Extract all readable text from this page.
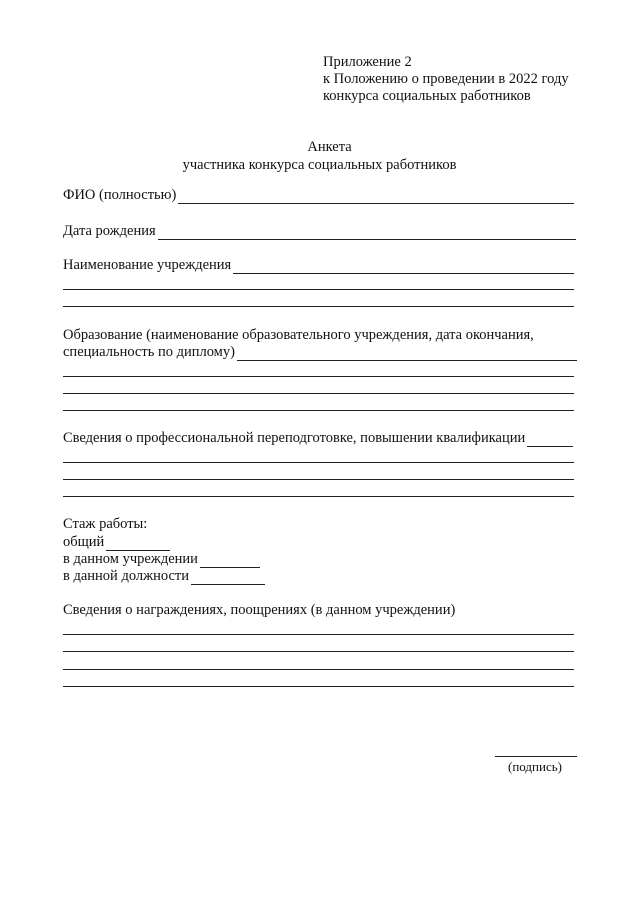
Приложение 2
к Положению о проведении в 2022 году
конкурса социальных работников
Анкета
участника конкурса социальных работников
ФИО (полностью)
Дата рождения
Наименование учреждения
Образование (наименование образовательного учреждения, дата окончания,
специальность по диплому)
Сведения о профессиональной переподготовке, повышении квалификации
Стаж работы:
общий
в данном учреждении
в данной должности
Сведения о награждениях, поощрениях (в данном учреждении)
(подпись)
